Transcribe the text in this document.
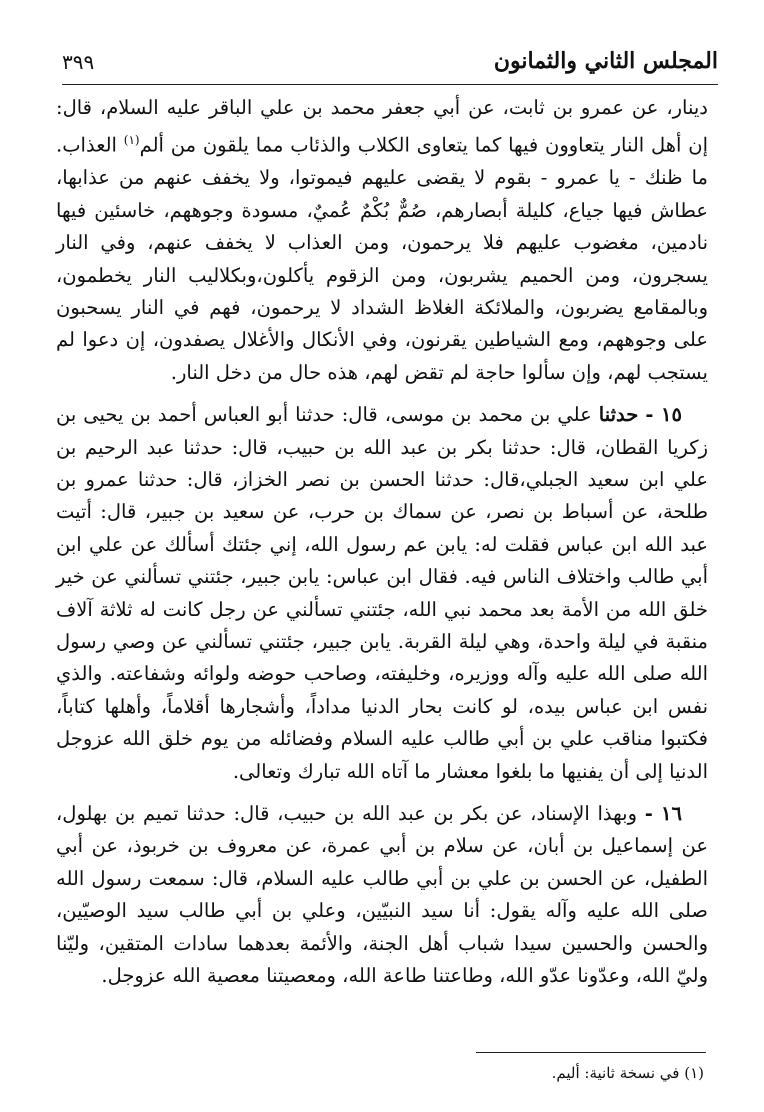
المجلس الثاني والثمانون
٣٩٩

دينار، عن عمرو بن ثابت، عن أبي جعفر محمد بن علي الباقر عليه السلام، قال: إن أهل النار يتعاوون فيها كما يتعاوى الكلاب والذئاب مما يلقون من ألم$^{(١)}$ العذاب. ما ظنك - يا عمرو - بقوم لا يقضى عليهم فيموتوا، ولا يخفف عنهم من عذابها، عطاش فيها جياع، كليلة أبصارهم، صُمٌّ بُكْمٌ عُميٌ، مسودة وجوههم، خاسئين فيها نادمين، مغضوب عليهم فلا يرحمون، ومن العذاب لا يخفف عنهم، وفي النار يسجرون، ومن الحميم يشربون، ومن الزقوم يأكلون،وبكلاليب النار يخطمون، وبالمقامع يضربون، والملائكة الغلاظ الشداد لا يرحمون، فهم في النار يسحبون على وجوههم، ومع الشياطين يقرنون، وفي الأنكال والأغلال يصفدون، إن دعوا لم يستجب لهم، وإن سألوا حاجة لم تقض لهم، هذه حال من دخل النار.

١٥ - حدثنا علي بن محمد بن موسى، قال: حدثنا أبو العباس أحمد بن يحيى بن زكريا القطان، قال: حدثنا بكر بن عبد الله بن حبيب، قال: حدثنا عبد الرحيم بن علي ابن سعيد الجبلي،قال: حدثنا الحسن بن نصر الخزاز، قال: حدثنا عمرو بن طلحة، عن أسباط بن نصر، عن سماك بن حرب، عن سعيد بن جبير، قال: أتيت عبد الله ابن عباس فقلت له: يابن عم رسول الله، إني جئتك أسألك عن علي ابن أبي طالب واختلاف الناس فيه. فقال ابن عباس: يابن جبير، جئتني تسألني عن خير خلق الله من الأمة بعد محمد نبي الله، جئتني تسألني عن رجل كانت له ثلاثة آلاف منقبة في ليلة واحدة، وهي ليلة القربة. يابن جبير، جئتني تسألني عن وصي رسول الله صلى الله عليه وآله ووزيره، وخليفته، وصاحب حوضه ولوائه وشفاعته. والذي نفس ابن عباس بيده، لو كانت بحار الدنيا مداداً، وأشجارها أقلاماً، وأهلها كتاباً، فكتبوا مناقب علي بن أبي طالب عليه السلام وفضائله من يوم خلق الله عزوجل الدنيا إلى أن يفنيها ما بلغوا معشار ما آتاه الله تبارك وتعالى.

١٦ - وبهذا الإسناد، عن بكر بن عبد الله بن حبيب، قال: حدثنا تميم بن بهلول، عن إسماعيل بن أبان، عن سلام بن أبي عمرة، عن معروف بن خربوذ، عن أبي الطفيل، عن الحسن بن علي بن أبي طالب عليه السلام، قال: سمعت رسول الله صلى الله عليه وآله يقول: أنا سيد النبيّين، وعلي بن أبي طالب سيد الوصيّين، والحسن والحسين سيدا شباب أهل الجنة، والأئمة بعدهما سادات المتقين، وليّنا وليّ الله، وعدّونا عدّو الله، وطاعتنا طاعة الله، ومعصيتنا معصية الله عزوجل.

(١) في نسخة ثانية: أليم.
